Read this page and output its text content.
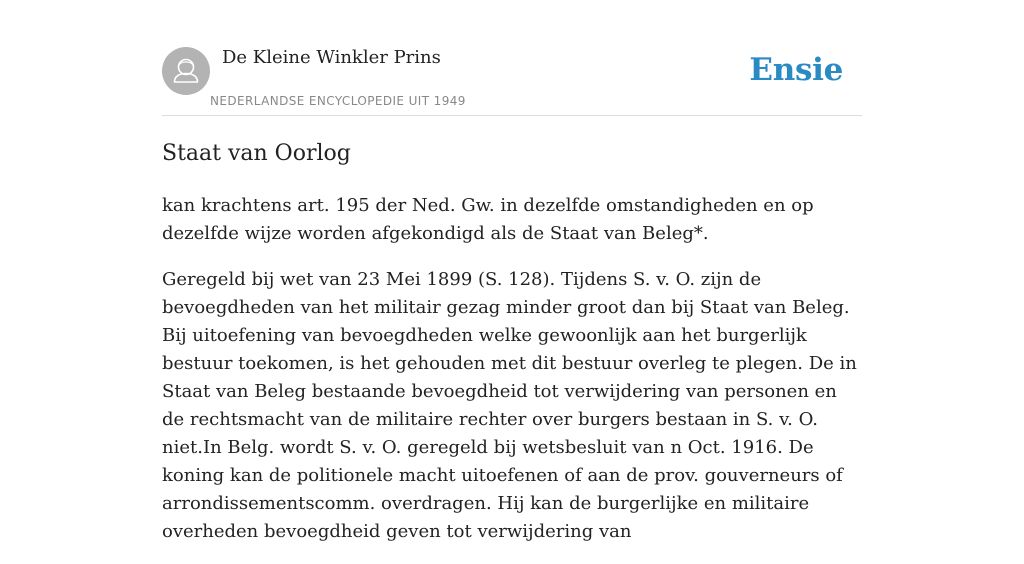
De Kleine Winkler Prins
NEDERLANDSE ENCYCLOPEDIE UIT 1949
Ensie
Staat van Oorlog

kan krachtens art. 195 der Ned. Gw. in dezelfde omstandigheden en op dezelfde wijze worden afgekondigd als de Staat van Beleg*.

Geregeld bij wet van 23 Mei 1899 (S. 128). Tijdens S. v. O. zijn de bevoegdheden van het militair gezag minder groot dan bij Staat van Beleg. Bij uitoefening van bevoegdheden welke gewoonlijk aan het burgerlijk bestuur toekomen, is het gehouden met dit bestuur overleg te plegen. De in Staat van Beleg bestaande bevoegdheid tot verwijdering van personen en de rechtsmacht van de militaire rechter over burgers bestaan in S. v. O. niet.In Belg. wordt S. v. O. geregeld bij wetsbesluit van n Oct. 1916. De koning kan de politionele macht uitoefenen of aan de prov. gouverneurs of arrondissementscomm. overdragen. Hij kan de burgerlijke en militaire overheden bevoegdheid geven tot verwijdering van
